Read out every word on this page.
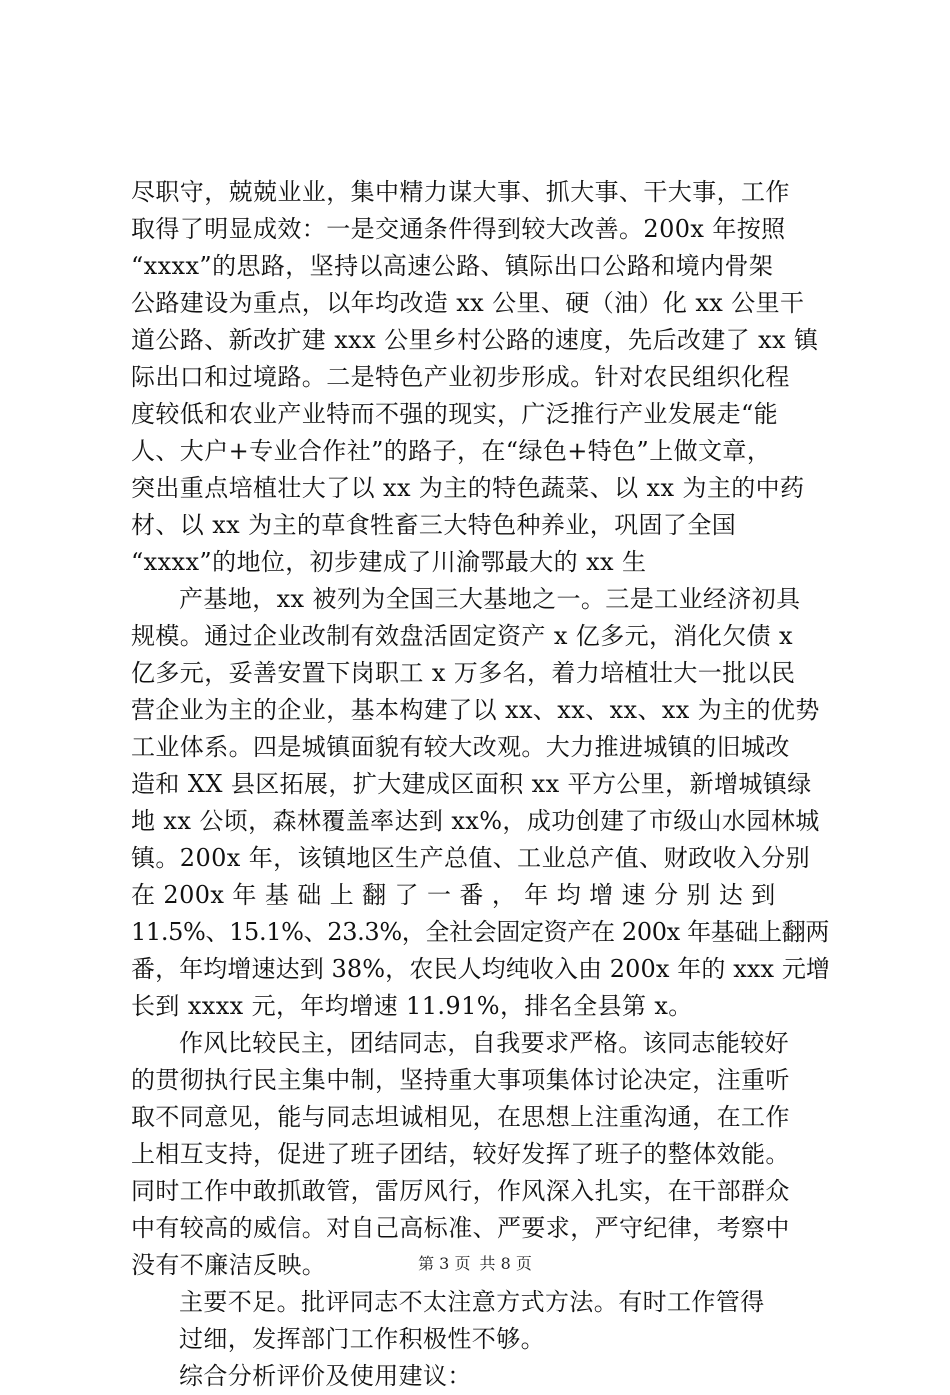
尽职守，兢兢业业，集中精力谋大事、抓大事、干大事，工作
取得了明显成效：一是交通条件得到较大改善。200x 年按照
“xxxx”的思路，坚持以高速公路、镇际出口公路和境内骨架
公路建设为重点，以年均改造 xx 公里、硬（油）化 xx 公里干
道公路、新改扩建 xxx 公里乡村公路的速度，先后改建了 xx 镇
际出口和过境路。二是特色产业初步形成。针对农民组织化程
度较低和农业产业特而不强的现实，广泛推行产业发展走“能
人、大户+专业合作社”的路子，在“绿色+特色”上做文章，
突出重点培植壮大了以 xx 为主的特色蔬菜、以 xx 为主的中药
材、以 xx 为主的草食牲畜三大特色种养业，巩固了全国
“xxxx”的地位，初步建成了川渝鄂最大的 xx 生
产基地，xx 被列为全国三大基地之一。三是工业经济初具
规模。通过企业改制有效盘活固定资产 x 亿多元，消化欠债 x
亿多元，妥善安置下岗职工 x 万多名，着力培植壮大一批以民
营企业为主的企业，基本构建了以 xx、xx、xx、xx 为主的优势
工业体系。四是城镇面貌有较大改观。大力推进城镇的旧城改
造和 XX 县区拓展，扩大建成区面积 xx 平方公里，新增城镇绿
地 xx 公顷，森林覆盖率达到 xx%，成功创建了市级山水园林城
镇。200x 年，该镇地区生产总值、工业总产值、财政收入分别
在 200x 年 基 础 上 翻 了 一 番 ， 年 均 增 速 分 别 达 到
11.5%、15.1%、23.3%，全社会固定资产在 200x 年基础上翻两
番，年均增速达到 38%，农民人均纯收入由 200x 年的 xxx 元增
长到 xxxx 元，年均增速 11.91%，排名全县第 x。
作风比较民主，团结同志，自我要求严格。该同志能较好
的贯彻执行民主集中制，坚持重大事项集体讨论决定，注重听
取不同意见，能与同志坦诚相见，在思想上注重沟通，在工作
上相互支持，促进了班子团结，较好发挥了班子的整体效能。
同时工作中敢抓敢管，雷厉风行，作风深入扎实，在干部群众
中有较高的威信。对自己高标准、严要求，严守纪律，考察中
没有不廉洁反映。
主要不足。批评同志不太注意方式方法。有时工作管得
过细，发挥部门工作积极性不够。
综合分析评价及使用建议：
第 3 页 共 8 页
